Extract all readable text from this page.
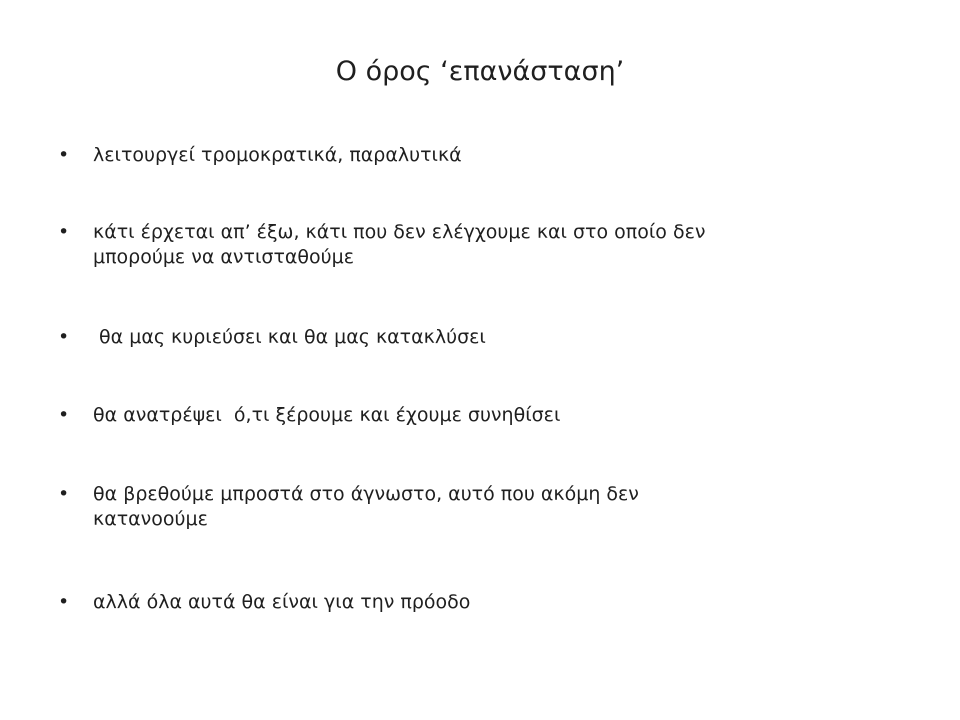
Ο όρος ‘επανάσταση’
•	λειτουργεί τρομοκρατικά, παραλυτικά
•	κάτι έρχεται απ’ έξω, κάτι που δεν ελέγχουμε και στο οποίο δεν
μπορούμε να αντισταθούμε
•	θα μας κυριεύσει και θα μας κατακλύσει
•	θα ανατρέψει  ό,τι ξέρουμε και έχουμε συνηθίσει
•	θα βρεθούμε μπροστά στο άγνωστο, αυτό που ακόμη δεν
κατανοούμε
•	αλλά όλα αυτά θα είναι για την πρόοδο
